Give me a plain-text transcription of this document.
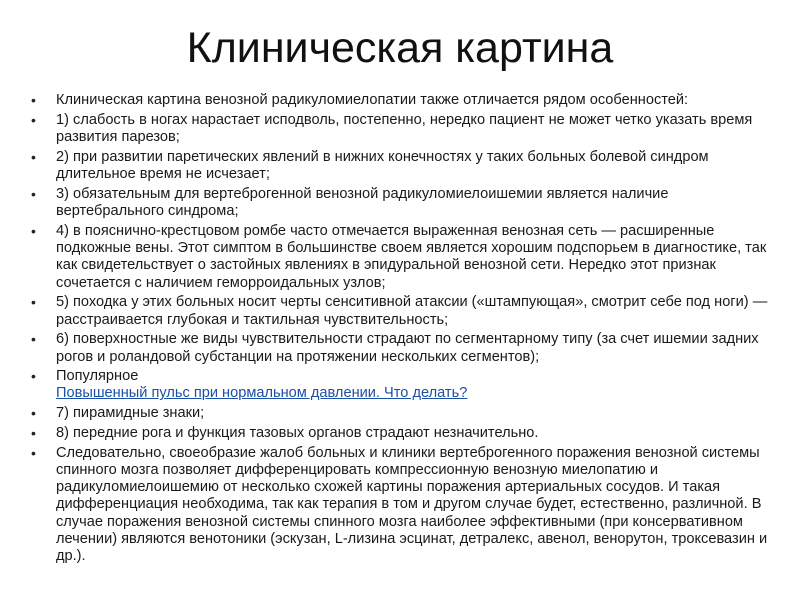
Клиническая картина
• Клиническая картина венозной радикуломиелопатии также отличается рядом особенностей:
• 1) слабость в ногах нарастает исподволь, постепенно, нередко пациент не может четко указать время развития парезов;
• 2) при развитии паретических явлений в нижних конечностях у таких больных болевой синдром длительное время не исчезает;
• 3) обязательным для вертеброгенной венозной радикуломиелоишемии является наличие вертебрального синдрома;
• 4) в пояснично-крестцовом ромбе часто отмечается выраженная венозная сеть — расширенные подкожные вены. Этот симптом в большинстве своем является хорошим подспорьем в диагностике, так как свидетельствует о застойных явлениях в эпидуральной венозной сети. Нередко этот признак сочетается с наличием геморроидальных узлов;
• 5) походка у этих больных носит черты сенситивной атаксии («штампующая», смотрит себе под ноги) — расстраивается глубокая и тактильная чувствительность;
• 6) поверхностные же виды чувствительности страдают по сегментарному типу (за счет ишемии задних рогов и роландовой субстанции на протяжении нескольких сегментов);
• Популярное
Повышенный пульс при нормальном давлении. Что делать?
• 7) пирамидные знаки;
• 8) передние рога и функция тазовых органов страдают незначительно.
• Следовательно, своеобразие жалоб больных и клиники вертеброгенного поражения венозной системы спинного мозга позволяет дифференцировать компрессионную венозную миелопатию и радикуломиелоишемию от несколько схожей картины поражения артериальных сосудов. И такая дифференциация необходима, так как терапия в том и другом случае будет, естественно, различной. В случае поражения венозной системы спинного мозга наиболее эффективными (при консервативном лечении) являются венотоники (эскузан, L-лизина эсцинат, детралекс, авенол, венорутон, троксевазин и др.).
